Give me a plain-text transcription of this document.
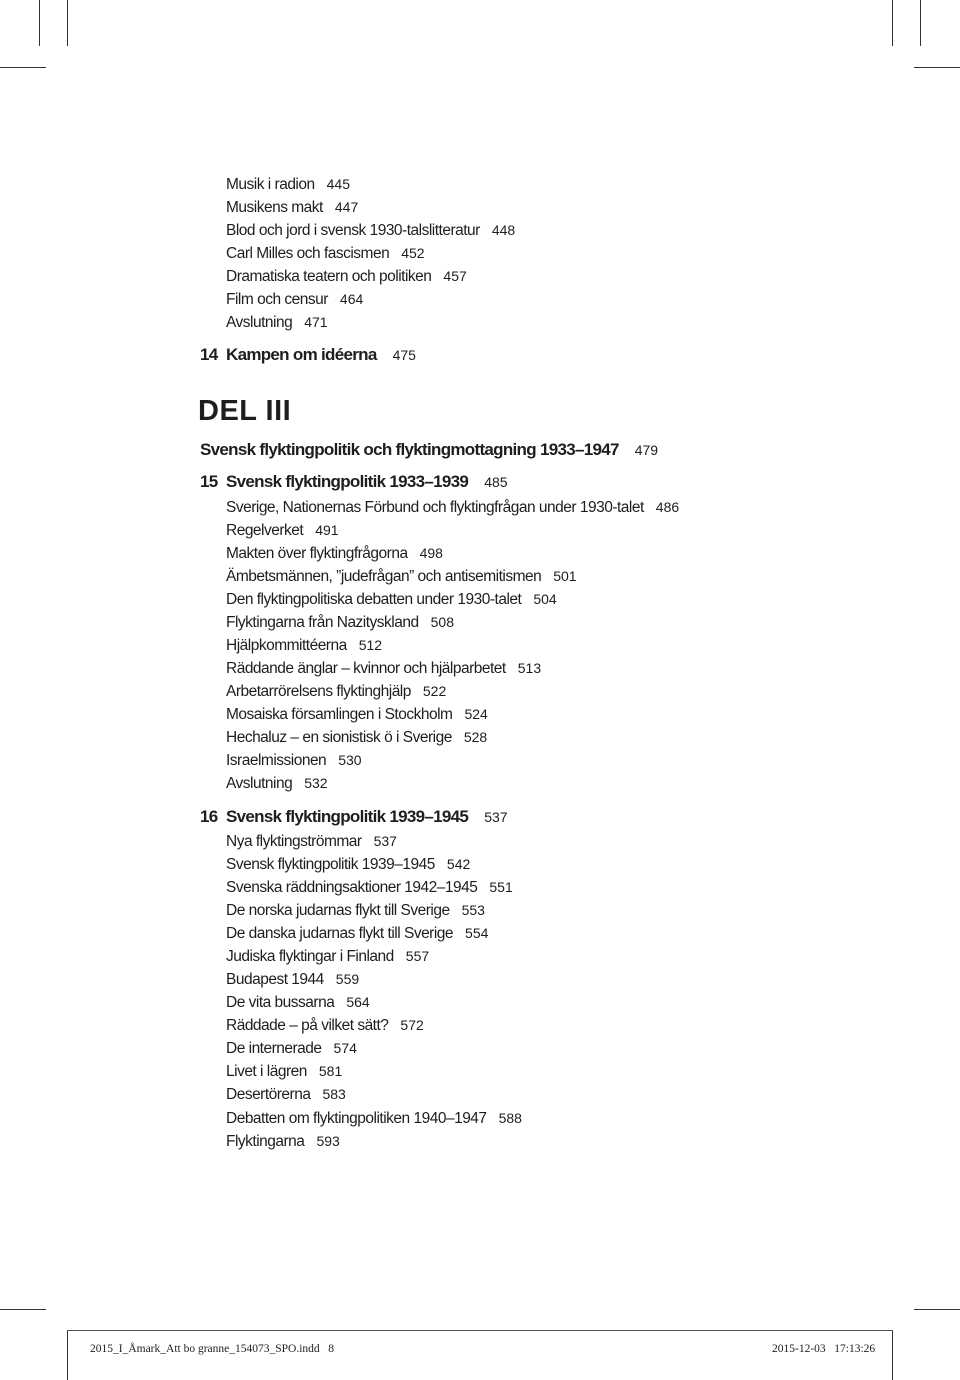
Musik i radion 445
Musikens makt 447
Blod och jord i svensk 1930-talslitteratur 448
Carl Milles och fascismen 452
Dramatiska teatern och politiken 457
Film och censur 464
Avslutning 471
14 Kampen om idéerna 475
DEL III
Svensk flyktingpolitik och flyktingmottagning 1933–1947 479
15 Svensk flyktingpolitik 1933–1939 485
Sverige, Nationernas Förbund och flyktingfrågan under 1930-talet 486
Regelverket 491
Makten över flyktingfrågorna 498
Ämbetsmännen, ”judefrågan” och antisemitismen 501
Den flyktingpolitiska debatten under 1930-talet 504
Flyktingarna från Nazityskland 508
Hjälpkommittéerna 512
Räddande änglar – kvinnor och hjälparbetet 513
Arbetarrörelsens flyktinghjälp 522
Mosaiska församlingen i Stockholm 524
Hechaluz – en sionistisk ö i Sverige 528
Israelmissionen 530
Avslutning 532
16 Svensk flyktingpolitik 1939–1945 537
Nya flyktingströmmar 537
Svensk flyktingpolitik 1939–1945 542
Svenska räddningsaktioner 1942–1945 551
De norska judarnas flykt till Sverige 553
De danska judarnas flykt till Sverige 554
Judiska flyktingar i Finland 557
Budapest 1944 559
De vita bussarna 564
Räddade – på vilket sätt? 572
De internerade 574
Livet i lägren 581
Desertörerna 583
Debatten om flyktingpolitiken 1940–1947 588
Flyktingarna 593
2015_I_Åmark_Att bo granne_154073_SPO.indd 8	2015-12-03 17:13:26
